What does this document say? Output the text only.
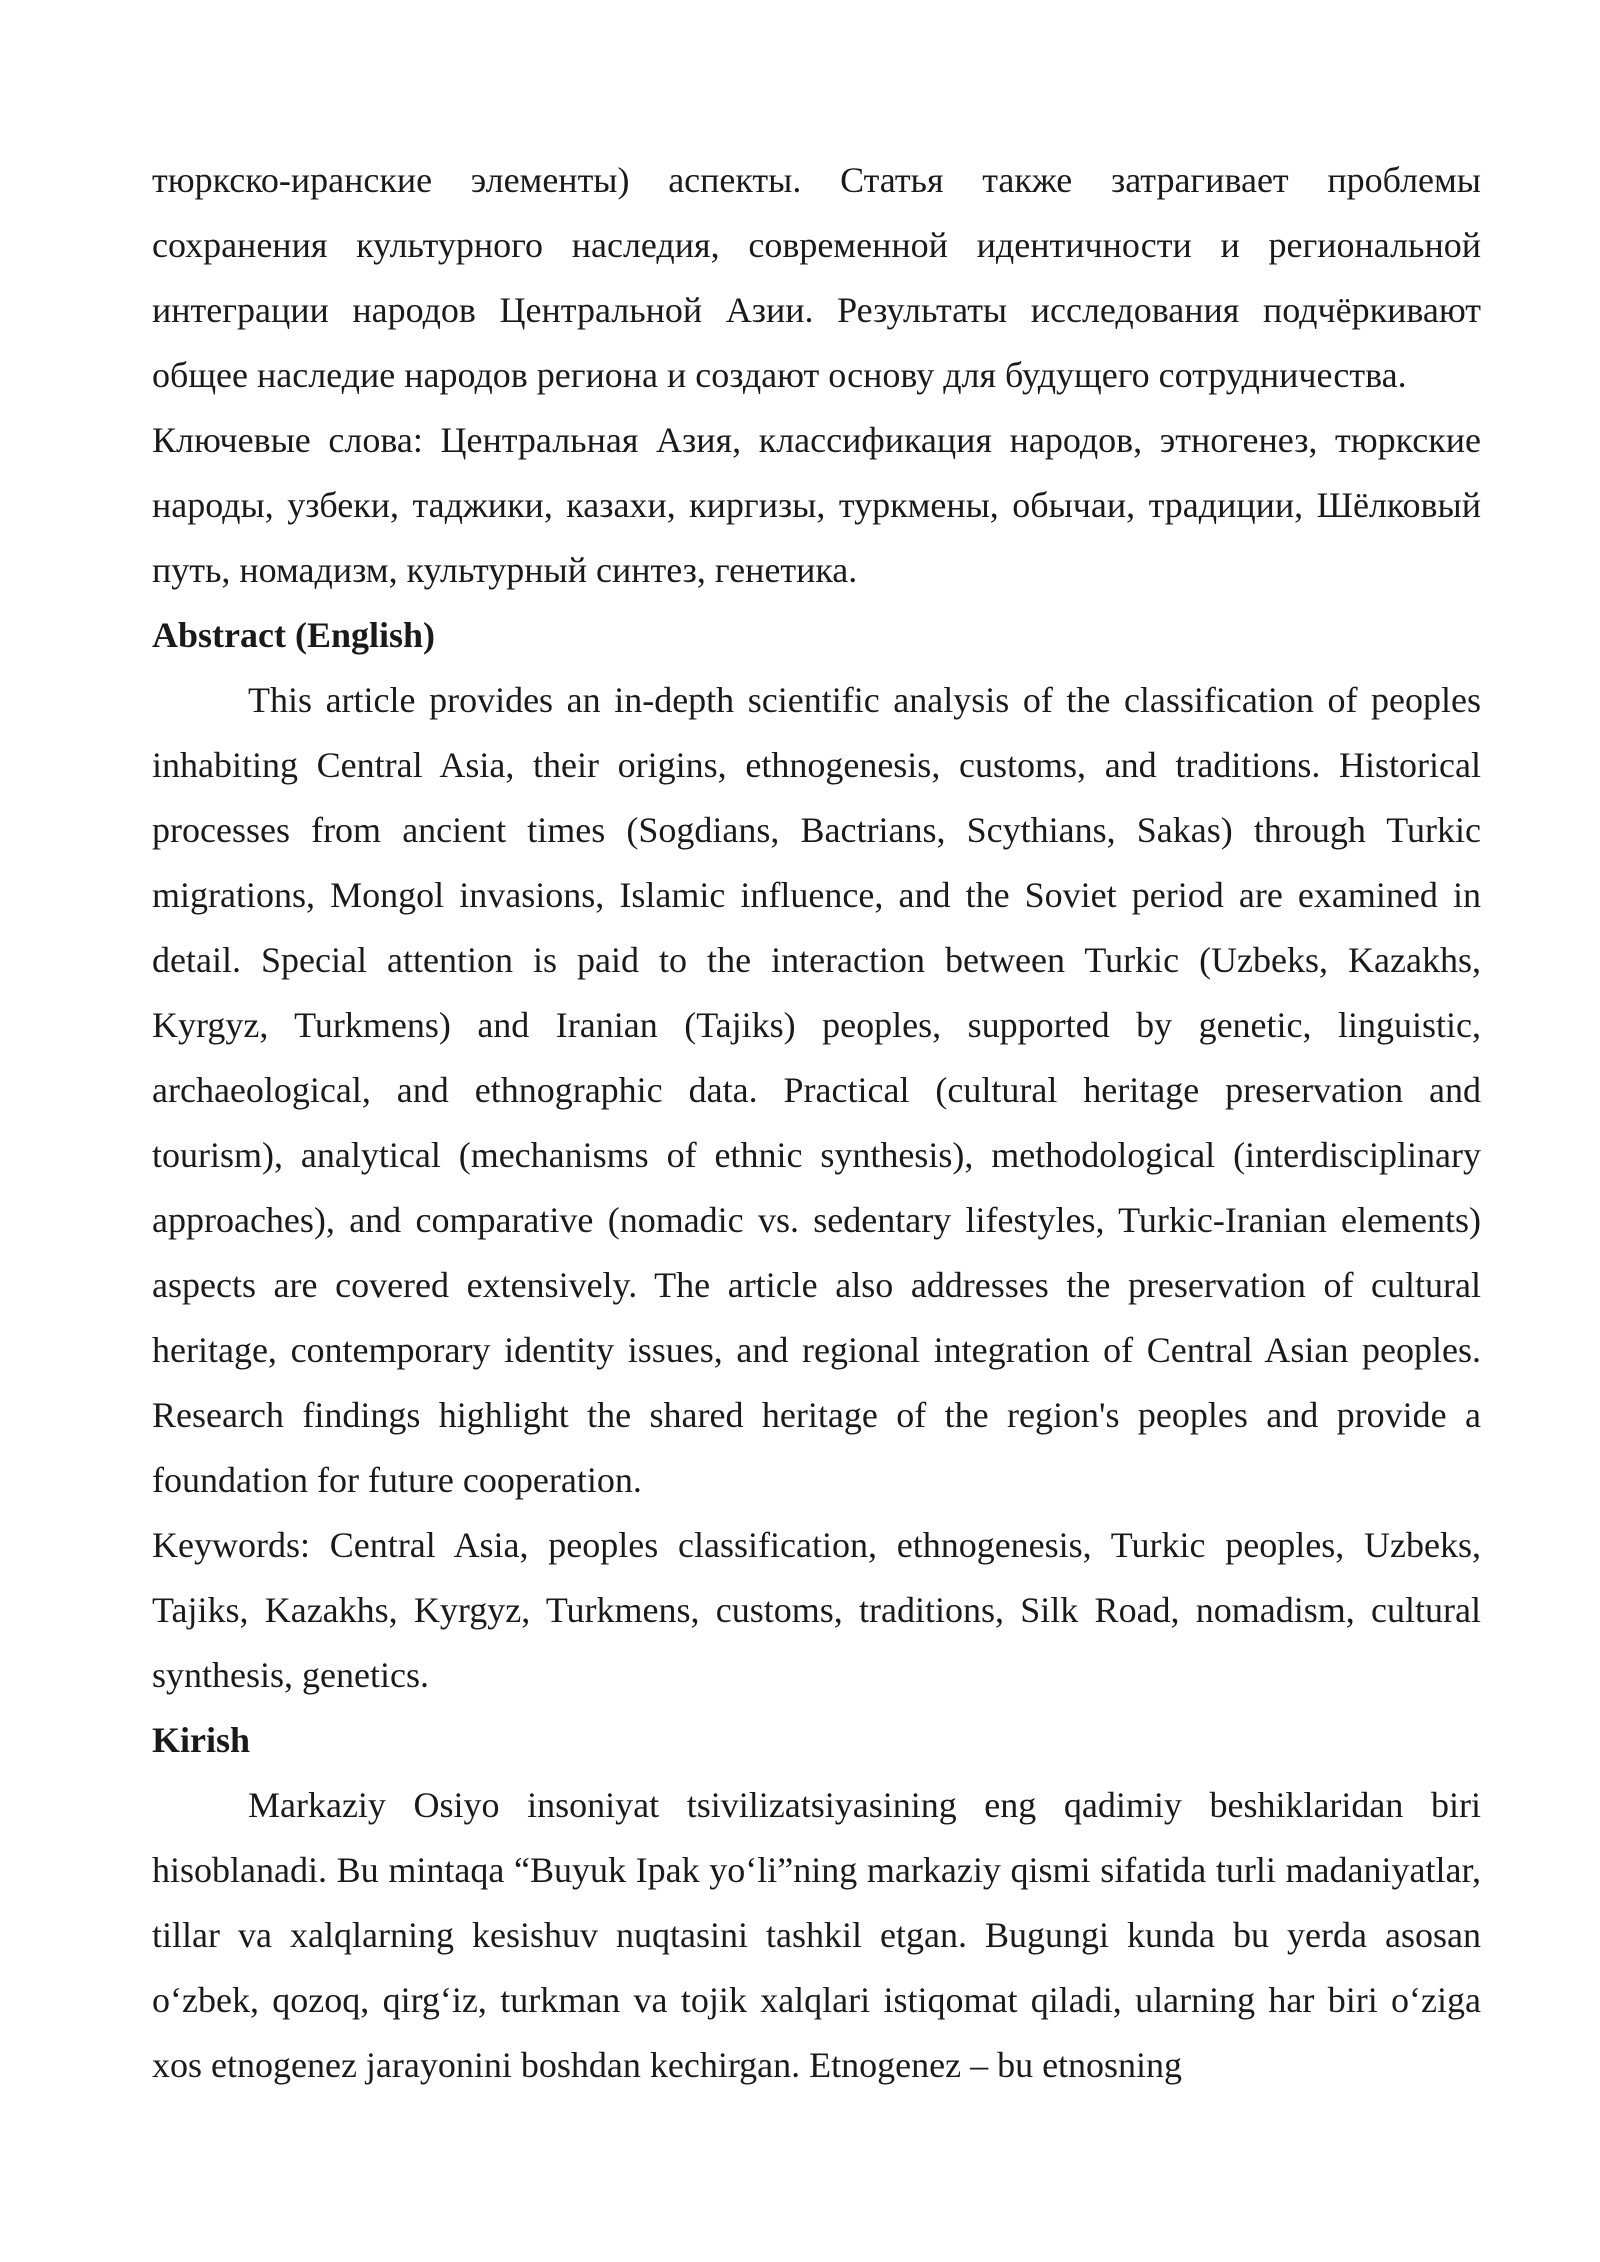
тюркско-иранские элементы) аспекты. Статья также затрагивает проблемы сохранения культурного наследия, современной идентичности и региональной интеграции народов Центральной Азии. Результаты исследования подчёркивают общее наследие народов региона и создают основу для будущего сотрудничества.

Ключевые слова: Центральная Азия, классификация народов, этногенез, тюркские народы, узбеки, таджики, казахи, киргизы, туркмены, обычаи, традиции, Шёлковый путь, номадизм, культурный синтез, генетика.

Abstract (English)

This article provides an in-depth scientific analysis of the classification of peoples inhabiting Central Asia, their origins, ethnogenesis, customs, and traditions. Historical processes from ancient times (Sogdians, Bactrians, Scythians, Sakas) through Turkic migrations, Mongol invasions, Islamic influence, and the Soviet period are examined in detail. Special attention is paid to the interaction between Turkic (Uzbeks, Kazakhs, Kyrgyz, Turkmens) and Iranian (Tajiks) peoples, supported by genetic, linguistic, archaeological, and ethnographic data. Practical (cultural heritage preservation and tourism), analytical (mechanisms of ethnic synthesis), methodological (interdisciplinary approaches), and comparative (nomadic vs. sedentary lifestyles, Turkic-Iranian elements) aspects are covered extensively. The article also addresses the preservation of cultural heritage, contemporary identity issues, and regional integration of Central Asian peoples. Research findings highlight the shared heritage of the region's peoples and provide a foundation for future cooperation.

Keywords: Central Asia, peoples classification, ethnogenesis, Turkic peoples, Uzbeks, Tajiks, Kazakhs, Kyrgyz, Turkmens, customs, traditions, Silk Road, nomadism, cultural synthesis, genetics.

Kirish

Markaziy Osiyo insoniyat tsivilizatsiyasining eng qadimiy beshiklaridan biri hisoblanadi. Bu mintaqa “Buyuk Ipak yo‘li”ning markaziy qismi sifatida turli madaniyatlar, tillar va xalqlarning kesishuv nuqtasini tashkil etgan. Bugungi kunda bu yerda asosan o‘zbek, qozoq, qirg‘iz, turkman va tojik xalqlari istiqomat qiladi, ularning har biri o‘ziga xos etnogenez jarayonini boshdan kechirgan. Etnogenez – bu etnosning
